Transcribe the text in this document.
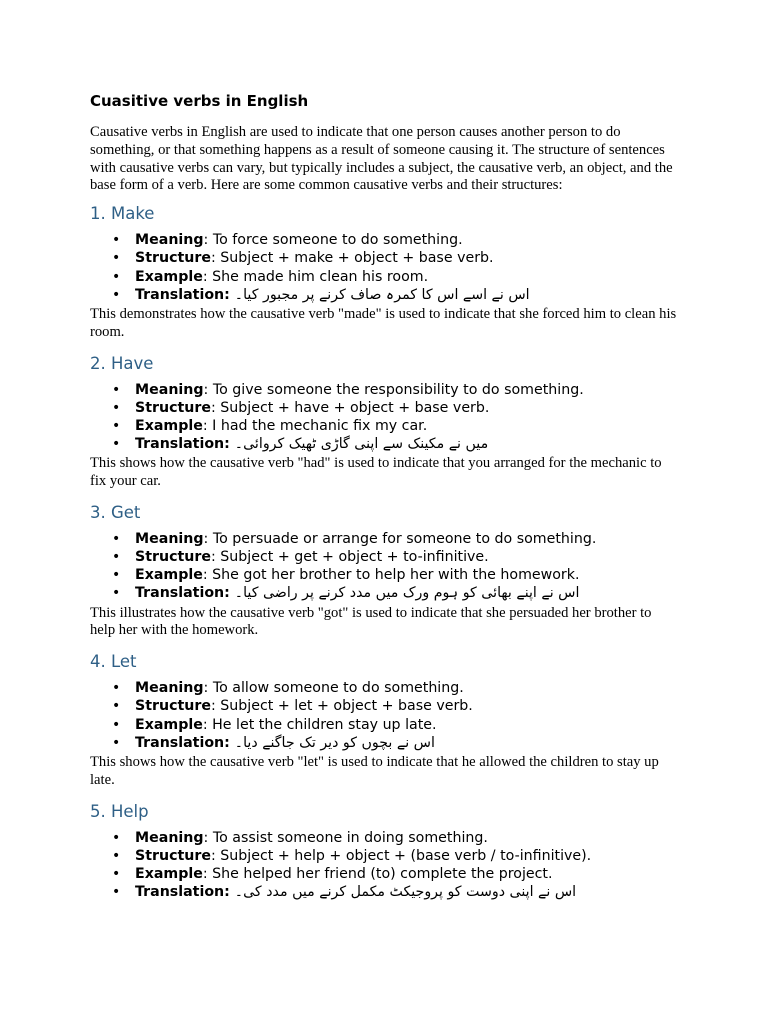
Cuasitive verbs in English

Causative verbs in English are used to indicate that one person causes another person to do something, or that something happens as a result of someone causing it. The structure of sentences with causative verbs can vary, but typically includes a subject, the causative verb, an object, and the base form of a verb. Here are some common causative verbs and their structures:

1. Make
• Meaning: To force someone to do something.
• Structure: Subject + make + object + base verb.
• Example: She made him clean his room.
• Translation: اس نے اسے اس کا کمرہ صاف کرنے پر مجبور کیا۔

This demonstrates how the causative verb "made" is used to indicate that she forced him to clean his room.

2. Have
• Meaning: To give someone the responsibility to do something.
• Structure: Subject + have + object + base verb.
• Example: I had the mechanic fix my car.
• Translation: میں نے مکینک سے اپنی گاڑی ٹھیک کروائی۔

This shows how the causative verb "had" is used to indicate that you arranged for the mechanic to fix your car.

3. Get
• Meaning: To persuade or arrange for someone to do something.
• Structure: Subject + get + object + to-infinitive.
• Example: She got her brother to help her with the homework.
• Translation: اس نے اپنے بھائی کو ہوم ورک میں مدد کرنے پر راضی کیا۔

This illustrates how the causative verb "got" is used to indicate that she persuaded her brother to help her with the homework.

4. Let
• Meaning: To allow someone to do something.
• Structure: Subject + let + object + base verb.
• Example: He let the children stay up late.
• Translation: اس نے بچوں کو دیر تک جاگنے دیا۔

This shows how the causative verb "let" is used to indicate that he allowed the children to stay up late.

5. Help
• Meaning: To assist someone in doing something.
• Structure: Subject + help + object + (base verb / to-infinitive).
• Example: She helped her friend (to) complete the project.
• Translation: اس نے اپنی دوست کو پروجیکٹ مکمل کرنے میں مدد کی۔
